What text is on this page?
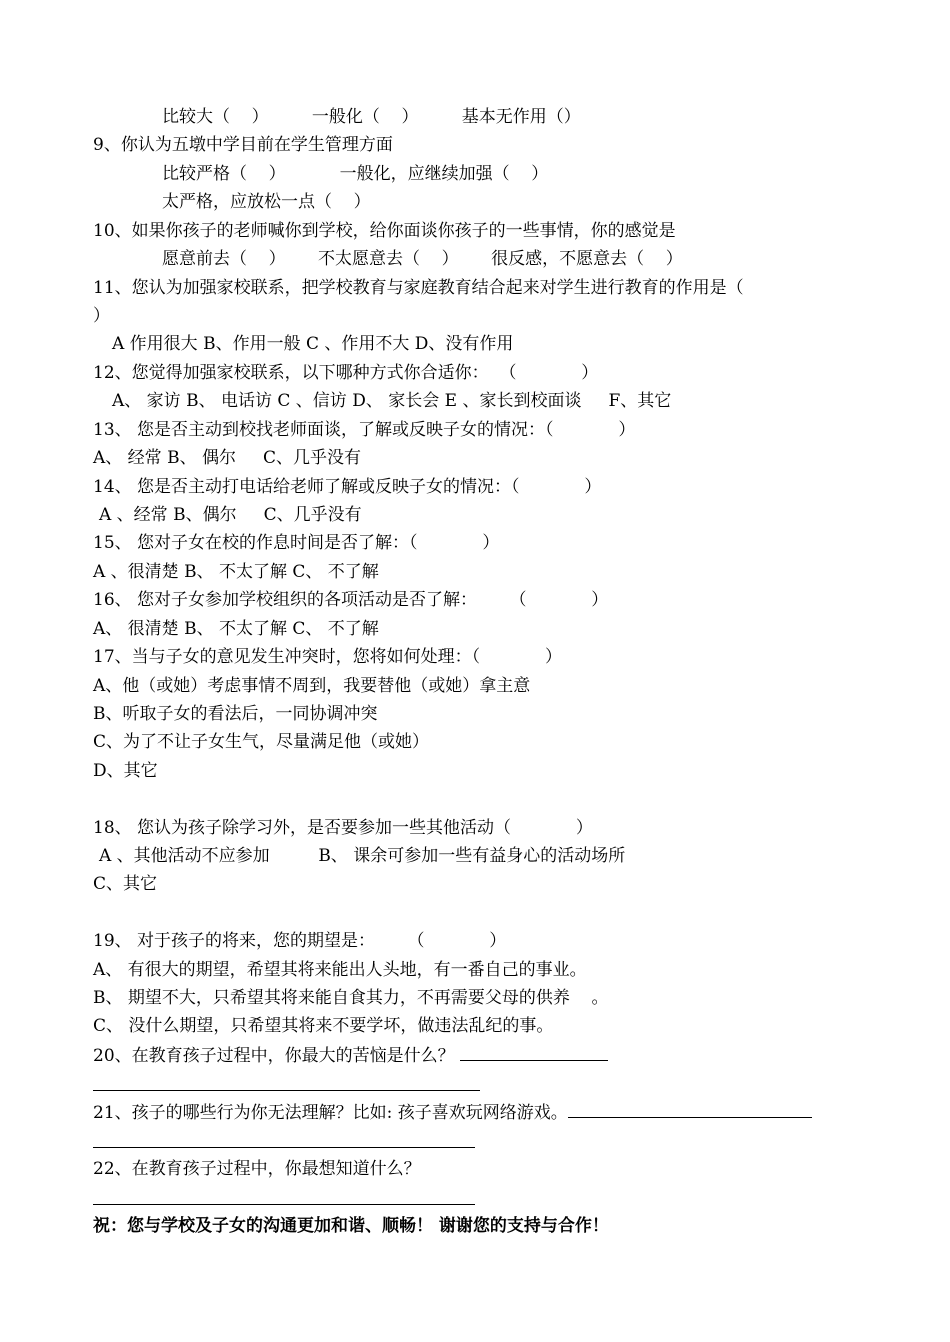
比较大（    ）        一般化（    ）        基本无作用（）
9、你认为五墩中学目前在学生管理方面
比较严格（    ）          一般化，应继续加强（    ）
太严格，应放松一点（    ）
10、如果你孩子的老师喊你到学校，给你面谈你孩子的一些事情，你的感觉是
愿意前去（    ）      不太愿意去（    ）      很反感，不愿意去（    ）
11、您认为加强家校联系，把学校教育与家庭教育结合起来对学生进行教育的作用是（
）
A 作用很大 B、作用一般 C 、作用不大 D、没有作用
12、您觉得加强家校联系，以下哪种方式你合适你：  （            ）
A、 家访 B、 电话访 C 、信访 D、 家长会 E 、家长到校面谈     F、其它
13、 您是否主动到校找老师面谈，了解或反映子女的情况：（            ）
A、 经常 B、 偶尔     C、几乎没有
14、 您是否主动打电话给老师了解或反映子女的情况：（            ）
A 、经常 B、偶尔     C、几乎没有
15、 您对子女在校的作息时间是否了解：（            ）
A 、很清楚 B、 不太了解 C、 不了解
16、 您对子女参加学校组织的各项活动是否了解：      （            ）
A、 很清楚 B、 不太了解 C、 不了解
17、当与子女的意见发生冲突时，您将如何处理：（            ）
A、他（或她）考虑事情不周到，我要替他（或她）拿主意
B、听取子女的看法后，一同协调冲突
C、为了不让子女生气，尽量满足他（或她）
D、其它
18、 您认为孩子除学习外，是否要参加一些其他活动（            ）
A 、其他活动不应参加         B、 课余可参加一些有益身心的活动场所
C、其它
19、 对于孩子的将来，您的期望是：      （            ）
A、 有很大的期望，希望其将来能出人头地，有一番自己的事业。
B、 期望不大，只希望其将来能自食其力，不再需要父母的供养    。
C、 没什么期望，只希望其将来不要学坏，做违法乱纪的事。
20、在教育孩子过程中，你最大的苦恼是什么？
21、孩子的哪些行为你无法理解？比如: 孩子喜欢玩网络游戏。
22、在教育孩子过程中，你最想知道什么？
祝：您与学校及子女的沟通更加和谐、顺畅！ 谢谢您的支持与合作！
